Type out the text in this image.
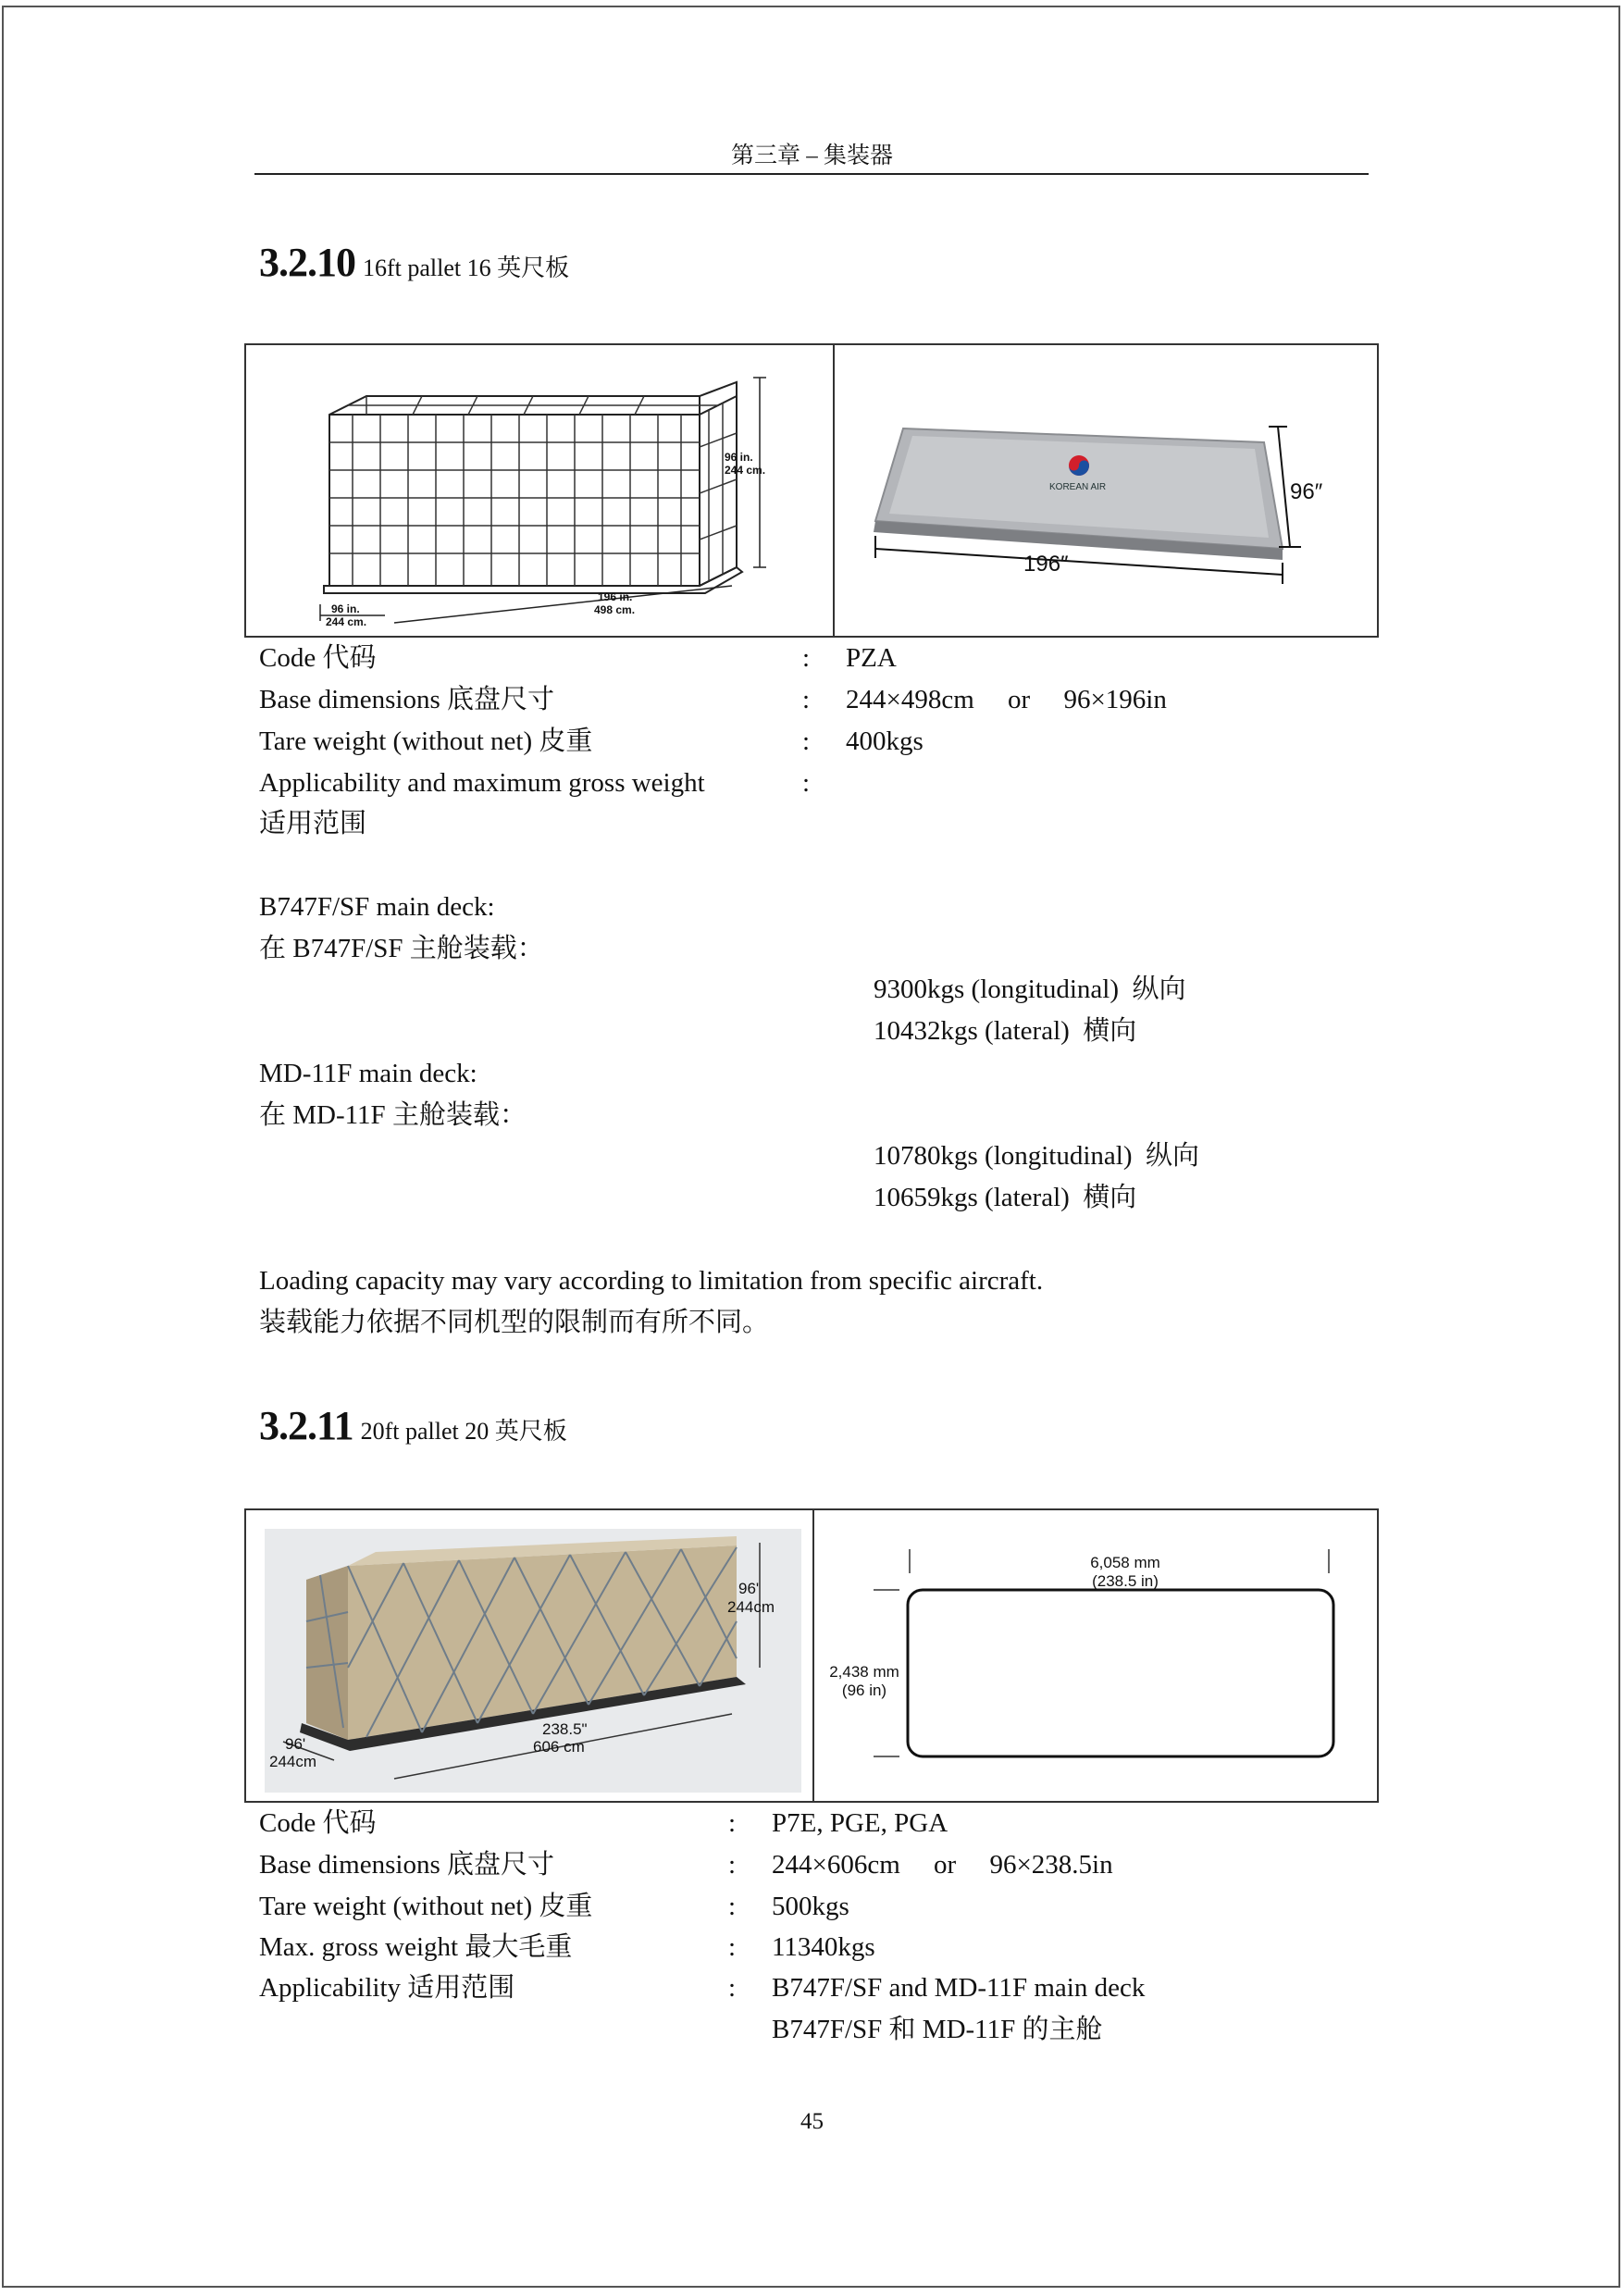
第三章 – 集装器
3.2.10 16ft pallet 16 英尺板
96 in.
244 cm.
96 in.
244 cm.
196 in.
498 cm.
KOREAN AIR	96″
196″
Code 代码	: PZA
Base dimensions 底盘尺寸	: 244×498cm     or     96×196in
Tare weight (without net) 皮重	: 400kgs
Applicability and maximum gross weight	:
适用范围
B747F/SF main deck:
在 B747F/SF 主舱装载：
9300kgs (longitudinal)  纵向
10432kgs (lateral)  横向
MD-11F main deck:
在 MD-11F 主舱装载：
10780kgs (longitudinal)  纵向
10659kgs (lateral)  横向
Loading capacity may vary according to limitation from specific aircraft.
装载能力依据不同机型的限制而有所不同。
3.2.11 20ft pallet 20 英尺板
96'
244cm
96'
244cm
238.5"
606 cm
6,058 mm
(238.5 in)
2,438 mm
(96 in)
Code 代码	: P7E, PGE, PGA
Base dimensions 底盘尺寸	: 244×606cm     or     96×238.5in
Tare weight (without net) 皮重	: 500kgs
Max. gross weight 最大毛重	: 11340kgs
Applicability 适用范围	: B747F/SF and MD-11F main deck
B747F/SF 和 MD-11F 的主舱
45
